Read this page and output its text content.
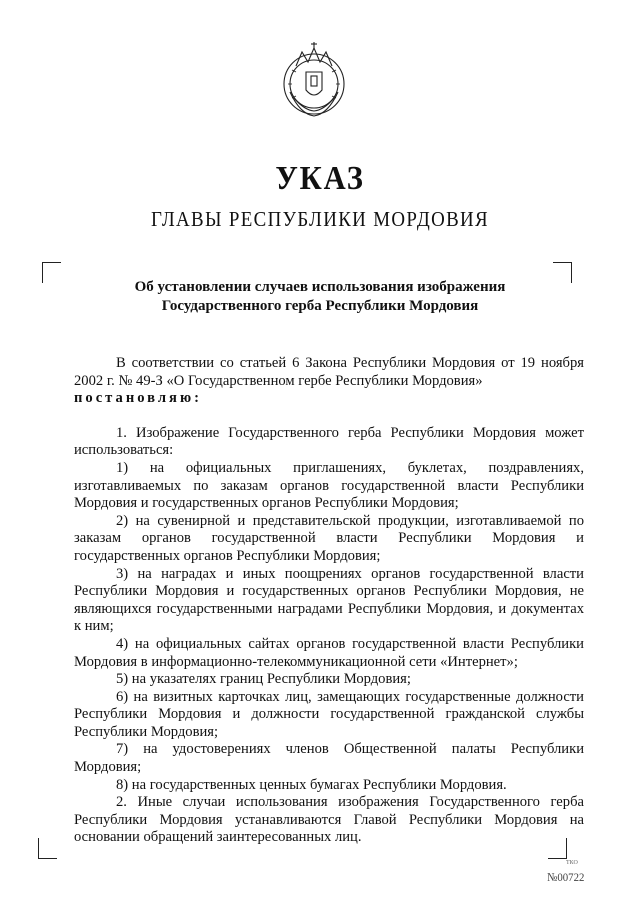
УКАЗ
ГЛАВЫ РЕСПУБЛИКИ МОРДОВИЯ
Об установлении случаев использования изображения
Государственного герба Республики Мордовия

В соответствии со статьей 6 Закона Республики Мордовия от 19 ноября 2002 г. № 49-З «О Государственном гербе Республики Мордовия»

постановляю:

1. Изображение Государственного герба Республики Мордовия может использоваться:

1) на официальных приглашениях, буклетах, поздравлениях, изготавливаемых по заказам органов государственной власти Республики Мордовия и государственных органов Республики Мордовия;

2) на сувенирной и представительской продукции, изготавливаемой по заказам органов государственной власти Республики Мордовия и государственных органов Республики Мордовия;

3) на наградах и иных поощрениях органов государственной власти Республики Мордовия и государственных органов Республики Мордовия, не являющихся государственными наградами Республики Мордовия, и документах к ним;

4) на официальных сайтах органов государственной власти Республики Мордовия в информационно-телекоммуникационной сети «Интернет»;

5) на указателях границ Республики Мордовия;

6) на визитных карточках лиц, замещающих государственные должности Республики Мордовия и должности государственной гражданской службы Республики Мордовия;

7) на удостоверениях членов Общественной палаты Республики Мордовия;

8) на государственных ценных бумагах Республики Мордовия.

2. Иные случаи использования изображения Государственного герба Республики Мордовия устанавливаются Главой Республики Мордовия на основании обращений заинтересованных лиц.

ТКО
№00722
